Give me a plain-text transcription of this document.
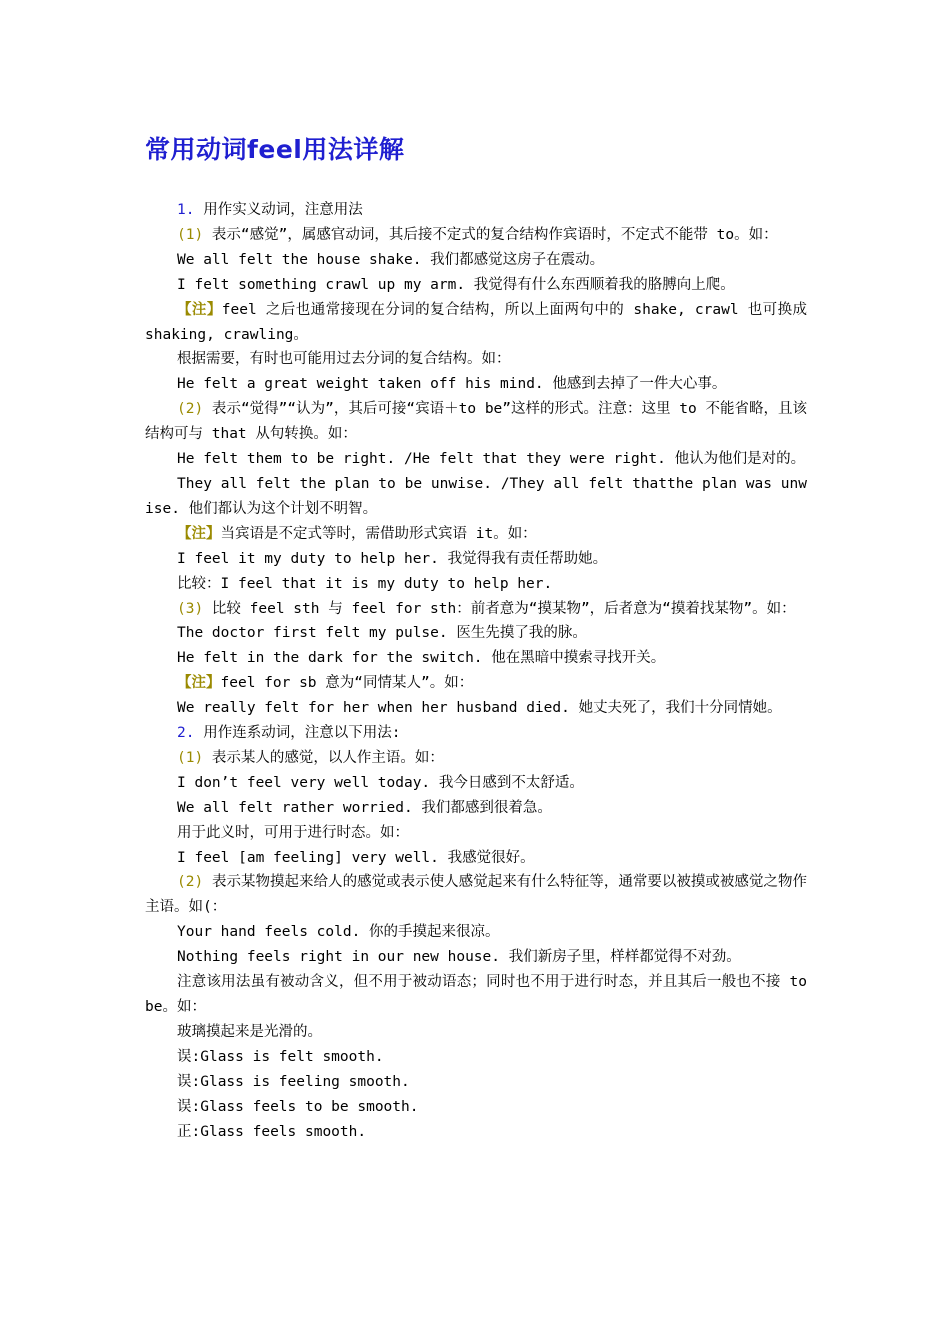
常用动词feel用法详解

1. 用作实义动词，注意用法

(1) 表示“感觉”，属感官动词，其后接不定式的复合结构作宾语时，不定式不能带 to。如：

We all felt the house shake. 我们都感觉这房子在震动。

I felt something crawl up my arm. 我觉得有什么东西顺着我的胳膊向上爬。

【注】feel 之后也通常接现在分词的复合结构，所以上面两句中的 shake, crawl 也可换成 shaking, crawling。

根据需要，有时也可能用过去分词的复合结构。如：

He felt a great weight taken off his mind. 他感到去掉了一件大心事。

(2) 表示“觉得”“认为”，其后可接“宾语＋to be”这样的形式。注意：这里 to 不能省略，且该结构可与 that 从句转换。如：

He felt them to be right. /He felt that they were right. 他认为他们是对的。

They all felt the plan to be unwise. /They all felt thatthe plan was unwise. 他们都认为这个计划不明智。

【注】当宾语是不定式等时，需借助形式宾语 it。如：

I feel it my duty to help her. 我觉得我有责任帮助她。

比较：I feel that it is my duty to help her.

(3) 比较 feel sth 与 feel for sth：前者意为“摸某物”，后者意为“摸着找某物”。如：

The doctor first felt my pulse. 医生先摸了我的脉。

He felt in the dark for the switch. 他在黑暗中摸索寻找开关。

【注】feel for sb 意为“同情某人”。如：

We really felt for her when her husband died. 她丈夫死了，我们十分同情她。

2. 用作连系动词，注意以下用法:

(1) 表示某人的感觉，以人作主语。如：

I don’t feel very well today. 我今日感到不太舒适。

We all felt rather worried. 我们都感到很着急。

用于此义时，可用于进行时态。如：

I feel [am feeling] very well. 我感觉很好。

(2) 表示某物摸起来给人的感觉或表示使人感觉起来有什么特征等，通常要以被摸或被感觉之物作主语。如(：

Your hand feels cold. 你的手摸起来很凉。

Nothing feels right in our new house. 我们新房子里，样样都觉得不对劲。

注意该用法虽有被动含义，但不用于被动语态；同时也不用于进行时态，并且其后一般也不接 to be。如：

玻璃摸起来是光滑的。

误:Glass is felt smooth.

误:Glass is feeling smooth.

误:Glass feels to be smooth.

正:Glass feels smooth.
